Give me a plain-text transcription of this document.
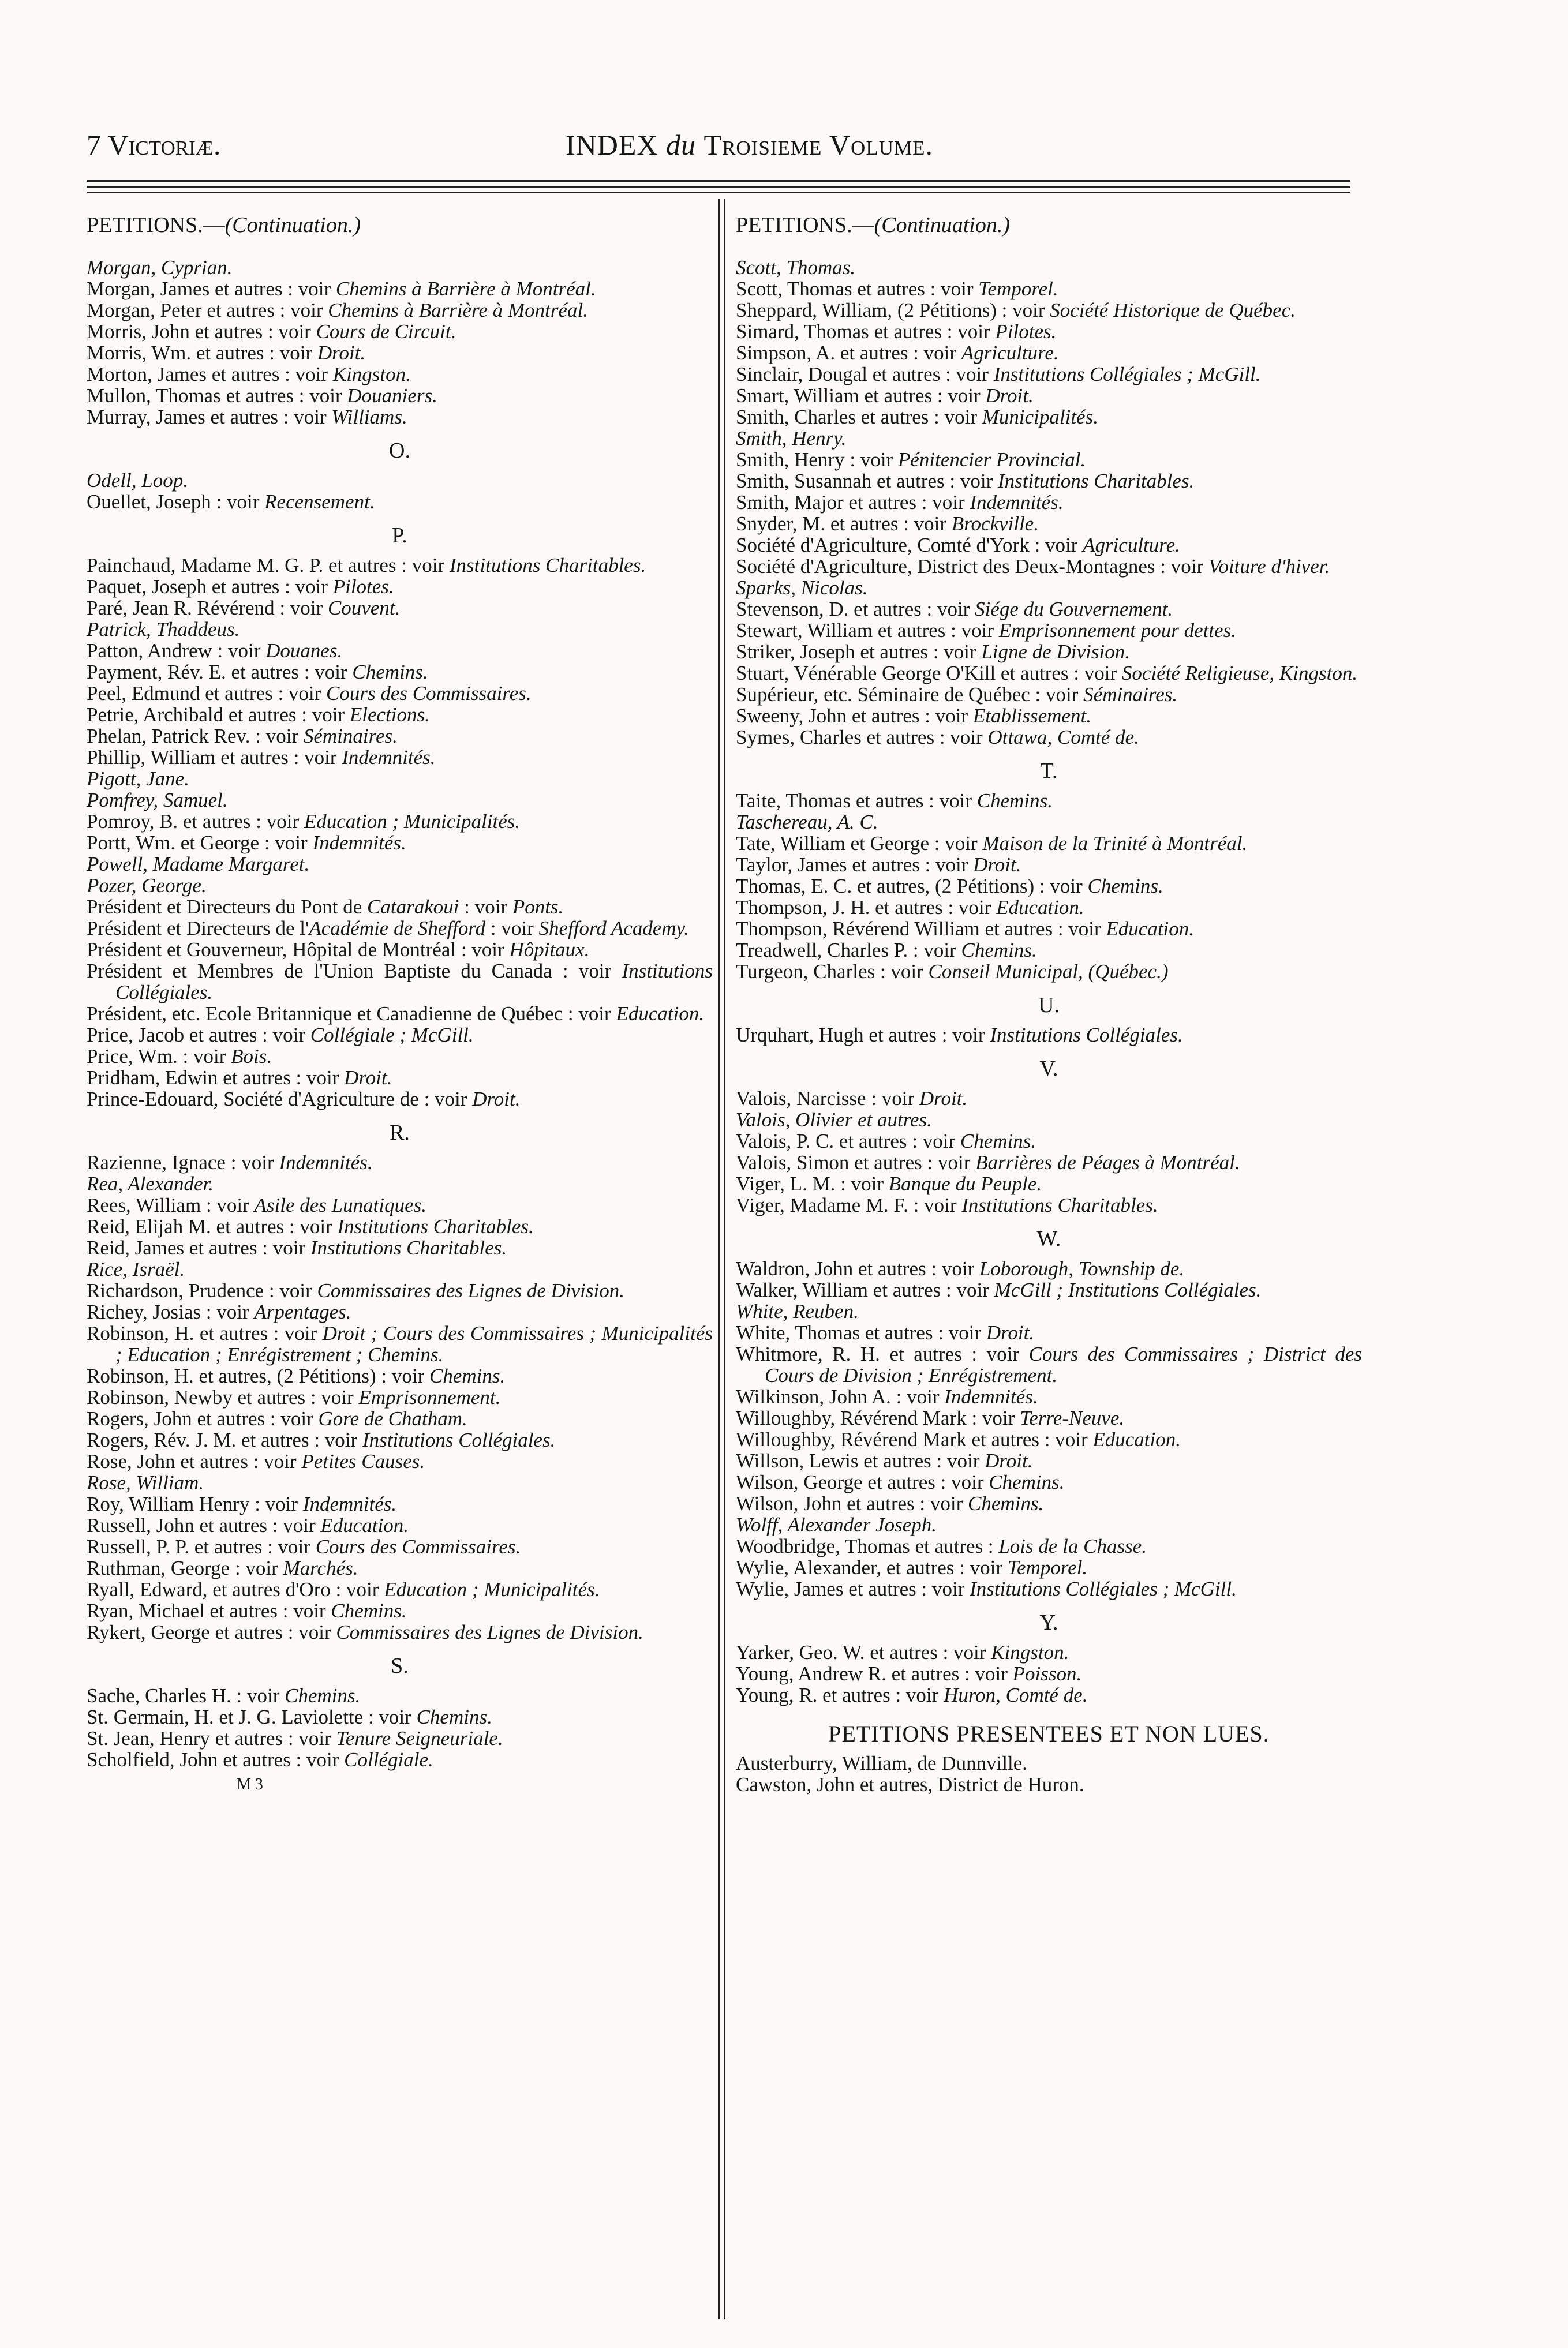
7 Victoriæ.	INDEX du Troisieme Volume.
PETITIONS.—(Continuation.)

Morgan, Cyprian.

Morgan, James et autres : voir Chemins à Barrière à Montréal.

Morgan, Peter et autres : voir Chemins à Barrière à Montréal.

Morris, John et autres : voir Cours de Circuit.

Morris, Wm. et autres : voir Droit.

Morton, James et autres : voir Kingston.

Mullon, Thomas et autres : voir Douaniers.

Murray, James et autres : voir Williams.

O.

Odell, Loop.

Ouellet, Joseph : voir Recensement.

P.

Painchaud, Madame M. G. P. et autres : voir Institutions Charitables.

Paquet, Joseph et autres : voir Pilotes.

Paré, Jean R. Révérend : voir Couvent.

Patrick, Thaddeus.

Patton, Andrew : voir Douanes.

Payment, Rév. E. et autres : voir Chemins.

Peel, Edmund et autres : voir Cours des Commissaires.

Petrie, Archibald et autres : voir Elections.

Phelan, Patrick Rev. : voir Séminaires.

Phillip, William et autres : voir Indemnités.

Pigott, Jane.

Pomfrey, Samuel.

Pomroy, B. et autres : voir Education ; Municipalités.

Portt, Wm. et George : voir Indemnités.

Powell, Madame Margaret.

Pozer, George.

Président et Directeurs du Pont de Catarakoui : voir Ponts.

Président et Directeurs de l'Académie de Shefford : voir Shefford Academy.

Président et Gouverneur, Hôpital de Montréal : voir Hôpitaux.

Président et Membres de l'Union Baptiste du Canada : voir Institutions Collégiales.

Président, etc. Ecole Britannique et Canadienne de Québec : voir Education.

Price, Jacob et autres : voir Collégiale ; McGill.

Price, Wm. : voir Bois.

Pridham, Edwin et autres : voir Droit.

Prince-Edouard, Société d'Agriculture de : voir Droit.

R.

Razienne, Ignace : voir Indemnités.

Rea, Alexander.

Rees, William : voir Asile des Lunatiques.

Reid, Elijah M. et autres : voir Institutions Charitables.

Reid, James et autres : voir Institutions Charitables.

Rice, Israël.

Richardson, Prudence : voir Commissaires des Lignes de Division.

Richey, Josias : voir Arpentages.

Robinson, H. et autres : voir Droit ; Cours des Commissaires ; Municipalités ; Education ; Enrégistrement ; Chemins.

Robinson, H. et autres, (2 Pétitions) : voir Chemins.

Robinson, Newby et autres : voir Emprisonnement.

Rogers, John et autres : voir Gore de Chatham.

Rogers, Rév. J. M. et autres : voir Institutions Collégiales.

Rose, John et autres : voir Petites Causes.

Rose, William.

Roy, William Henry : voir Indemnités.

Russell, John et autres : voir Education.

Russell, P. P. et autres : voir Cours des Commissaires.

Ruthman, George : voir Marchés.

Ryall, Edward, et autres d'Oro : voir Education ; Municipalités.

Ryan, Michael et autres : voir Chemins.

Rykert, George et autres : voir Commissaires des Lignes de Division.

S.

Sache, Charles H. : voir Chemins.

St. Germain, H. et J. G. Laviolette : voir Chemins.

St. Jean, Henry et autres : voir Tenure Seigneuriale.

Scholfield, John et autres : voir Collégiale.

M 3
PETITIONS.—(Continuation.)

Scott, Thomas.

Scott, Thomas et autres : voir Temporel.

Sheppard, William, (2 Pétitions) : voir Société Historique de Québec.

Simard, Thomas et autres : voir Pilotes.

Simpson, A. et autres : voir Agriculture.

Sinclair, Dougal et autres : voir Institutions Collégiales ; McGill.

Smart, William et autres : voir Droit.

Smith, Charles et autres : voir Municipalités.

Smith, Henry.

Smith, Henry : voir Pénitencier Provincial.

Smith, Susannah et autres : voir Institutions Charitables.

Smith, Major et autres : voir Indemnités.

Snyder, M. et autres : voir Brockville.

Société d'Agriculture, Comté d'York : voir Agriculture.

Société d'Agriculture, District des Deux-Montagnes : voir Voiture d'hiver.

Sparks, Nicolas.

Stevenson, D. et autres : voir Siége du Gouvernement.

Stewart, William et autres : voir Emprisonnement pour dettes.

Striker, Joseph et autres : voir Ligne de Division.

Stuart, Vénérable George O'Kill et autres : voir Société Religieuse, Kingston.

Supérieur, etc. Séminaire de Québec : voir Séminaires.

Sweeny, John et autres : voir Etablissement.

Symes, Charles et autres : voir Ottawa, Comté de.

T.

Taite, Thomas et autres : voir Chemins.

Taschereau, A. C.

Tate, William et George : voir Maison de la Trinité à Montréal.

Taylor, James et autres : voir Droit.

Thomas, E. C. et autres, (2 Pétitions) : voir Chemins.

Thompson, J. H. et autres : voir Education.

Thompson, Révérend William et autres : voir Education.

Treadwell, Charles P. : voir Chemins.

Turgeon, Charles : voir Conseil Municipal, (Québec.)

U.

Urquhart, Hugh et autres : voir Institutions Collégiales.

V.

Valois, Narcisse : voir Droit.

Valois, Olivier et autres.

Valois, P. C. et autres : voir Chemins.

Valois, Simon et autres : voir Barrières de Péages à Montréal.

Viger, L. M. : voir Banque du Peuple.

Viger, Madame M. F. : voir Institutions Charitables.

W.

Waldron, John et autres : voir Loborough, Township de.

Walker, William et autres : voir McGill ; Institutions Collégiales.

White, Reuben.

White, Thomas et autres : voir Droit.

Whitmore, R. H. et autres : voir Cours des Commissaires ; District des Cours de Division ; Enrégistrement.

Wilkinson, John A. : voir Indemnités.

Willoughby, Révérend Mark : voir Terre-Neuve.

Willoughby, Révérend Mark et autres : voir Education.

Willson, Lewis et autres : voir Droit.

Wilson, George et autres : voir Chemins.

Wilson, John et autres : voir Chemins.

Wolff, Alexander Joseph.

Woodbridge, Thomas et autres : Lois de la Chasse.

Wylie, Alexander, et autres : voir Temporel.

Wylie, James et autres : voir Institutions Collégiales ; McGill.

Y.

Yarker, Geo. W. et autres : voir Kingston.

Young, Andrew R. et autres : voir Poisson.

Young, R. et autres : voir Huron, Comté de.

PETITIONS PRESENTEES ET NON LUES.

Austerburry, William, de Dunnville.

Cawston, John et autres, District de Huron.
